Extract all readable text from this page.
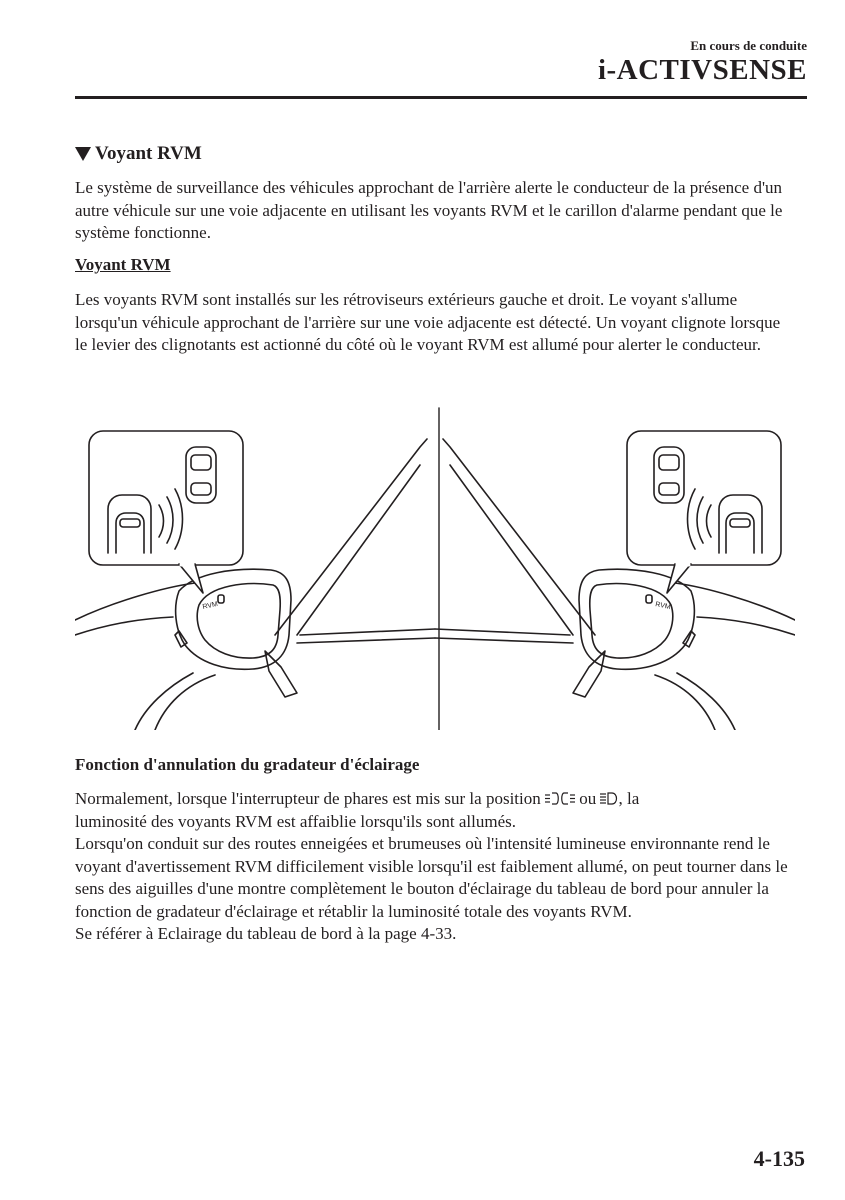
En cours de conduite
i-ACTIVSENSE
Voyant RVM

Le système de surveillance des véhicules approchant de l'arrière alerte le conducteur de la présence d'un autre véhicule sur une voie adjacente en utilisant les voyants RVM et le carillon d'alarme pendant que le système fonctionne.

Voyant RVM

Les voyants RVM sont installés sur les rétroviseurs extérieurs gauche et droit. Le voyant s'allume lorsqu'un véhicule approchant de l'arrière sur une voie adjacente est détecté. Un voyant clignote lorsque le levier des clignotants est actionné du côté où le voyant RVM est allumé pour alerter le conducteur.

RVM	RVM
Fonction d'annulation du gradateur d'éclairage
Normalement, lorsque l'interrupteur de phares est mis sur la position  ou , la
luminosité des voyants RVM est affaiblie lorsqu'ils sont allumés.
Lorsqu'on conduit sur des routes enneigées et brumeuses où l'intensité lumineuse environnante rend le voyant d'avertissement RVM difficilement visible lorsqu'il est faiblement allumé, on peut tourner dans le sens des aiguilles d'une montre complètement le bouton d'éclairage du tableau de bord pour annuler la fonction de gradateur d'éclairage et rétablir la luminosité totale des voyants RVM.
Se référer à Eclairage du tableau de bord à la page 4-33.
4-135
